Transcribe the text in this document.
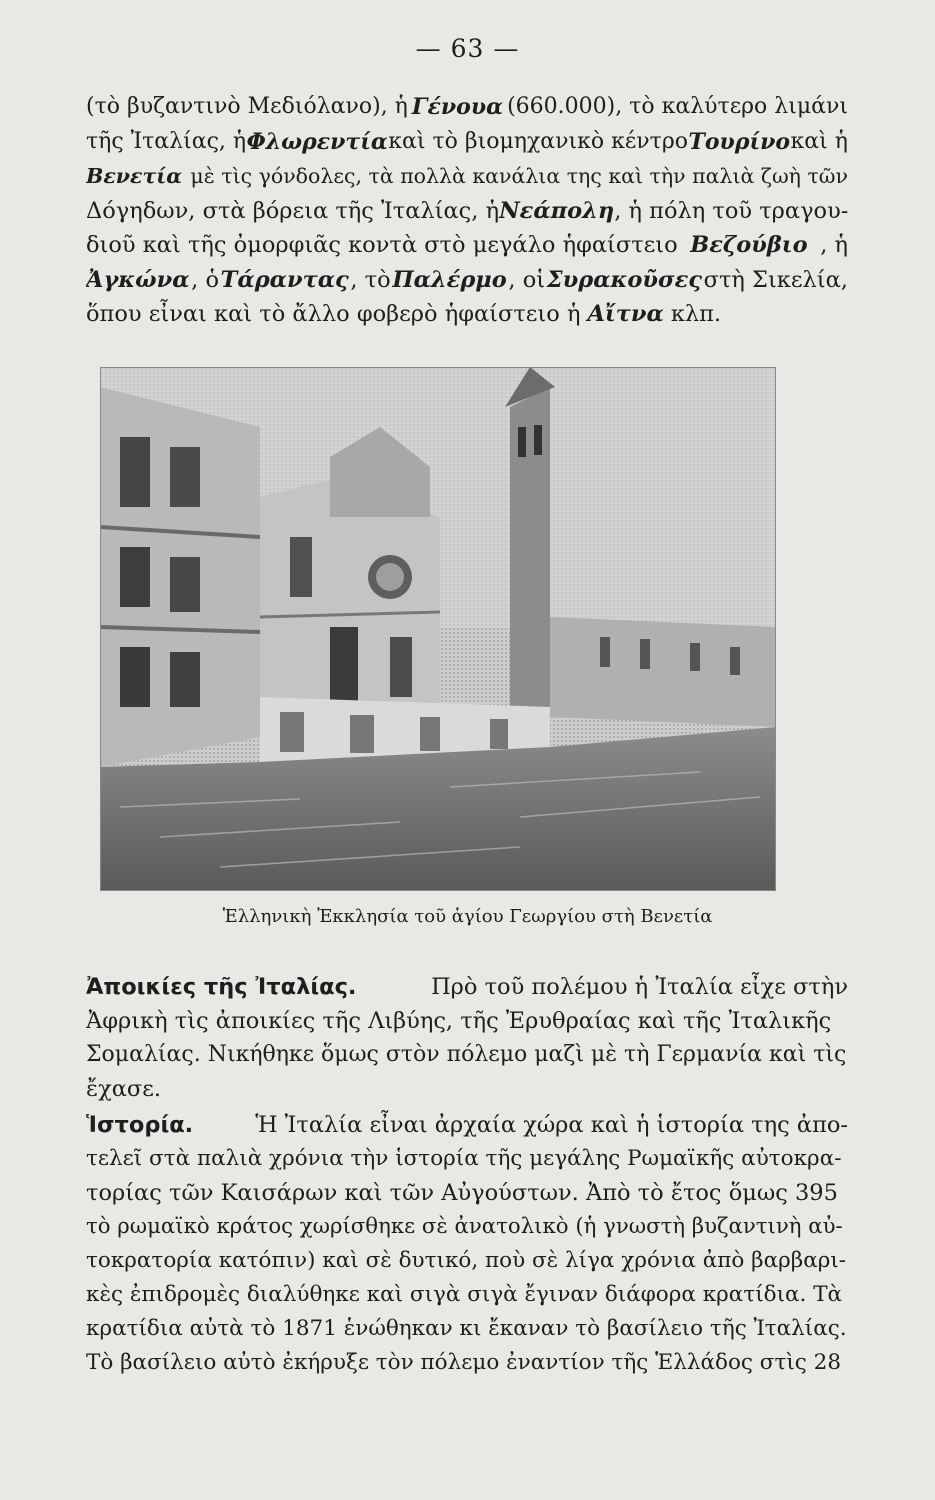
— 63 —
(τὸ βυζαντινὸ Μεδιόλανο), ἡ Γένουα (660.000), τὸ καλύτερο λιμάνι
τῆς Ἰταλίας, ἡ Φλωρεντία καὶ τὸ βιομηχανικὸ κέντρο Τουρίνο καὶ ἡ
Βενετία μὲ τὶς γόνδολες, τὰ πολλὰ κανάλια της καὶ τὴν παλιὰ ζωὴ τῶν
Δόγηδων, στὰ βόρεια τῆς Ἰταλίας, ἡ Νεάπολη , ἡ πόλη τοῦ τραγου-
διοῦ καὶ τῆς ὀμορφιᾶς κοντὰ στὸ μεγάλο ἡφαίστειο Βεζούβιο , ἡ
Ἀγκώνα , ὁ Τάραντας , τὸ Παλέρμο , οἱ Συρακοῦσες στὴ Σικελία,
ὅπου εἶναι καὶ τὸ ἄλλο φοβερὸ ἡφαίστειο ἡ Αἴτνα κλπ.
Ἑλληνικὴ Ἐκκλησία τοῦ ἁγίου Γεωργίου στὴ Βενετία
Ἀποικίες τῆς Ἰταλίας.	Πρὸ τοῦ πολέμου ἡ Ἰταλία εἶχε στὴν
Ἀφρικὴ τὶς ἀποικίες τῆς Λιβύης, τῆς Ἐρυθραίας καὶ τῆς Ἰταλικῆς
Σομαλίας. Νικήθηκε ὅμως στὸν πόλεμο μαζὶ μὲ τὴ Γερμανία καὶ τὶς
ἔχασε.
Ἱστορία.	Ἡ Ἰταλία εἶναι ἀρχαία χώρα καὶ ἡ ἱστορία της ἀπο-
τελεῖ στὰ παλιὰ χρόνια τὴν ἱστορία τῆς μεγάλης Ρωμαϊκῆς αὐτοκρα-
τορίας τῶν Καισάρων καὶ τῶν Αὐγούστων. Ἀπὸ τὸ ἔτος ὅμως 395
τὸ ρωμαϊκὸ κράτος χωρίσθηκε σὲ ἀνατολικὸ (ἡ γνωστὴ βυζαντινὴ αὐ-
τοκρατορία κατόπιν) καὶ σὲ δυτικό, ποὺ σὲ λίγα χρόνια ἀπὸ βαρβαρι-
κὲς ἐπιδρομὲς διαλύθηκε καὶ σιγὰ σιγὰ ἔγιναν διάφορα κρατίδια. Τὰ
κρατίδια αὐτὰ τὸ 1871 ἑνώθηκαν κι ἔκαναν τὸ βασίλειο τῆς Ἰταλίας.
Τὸ βασίλειο αὐτὸ ἐκήρυξε τὸν πόλεμο ἐναντίον τῆς Ἑλλάδος στὶς 28
